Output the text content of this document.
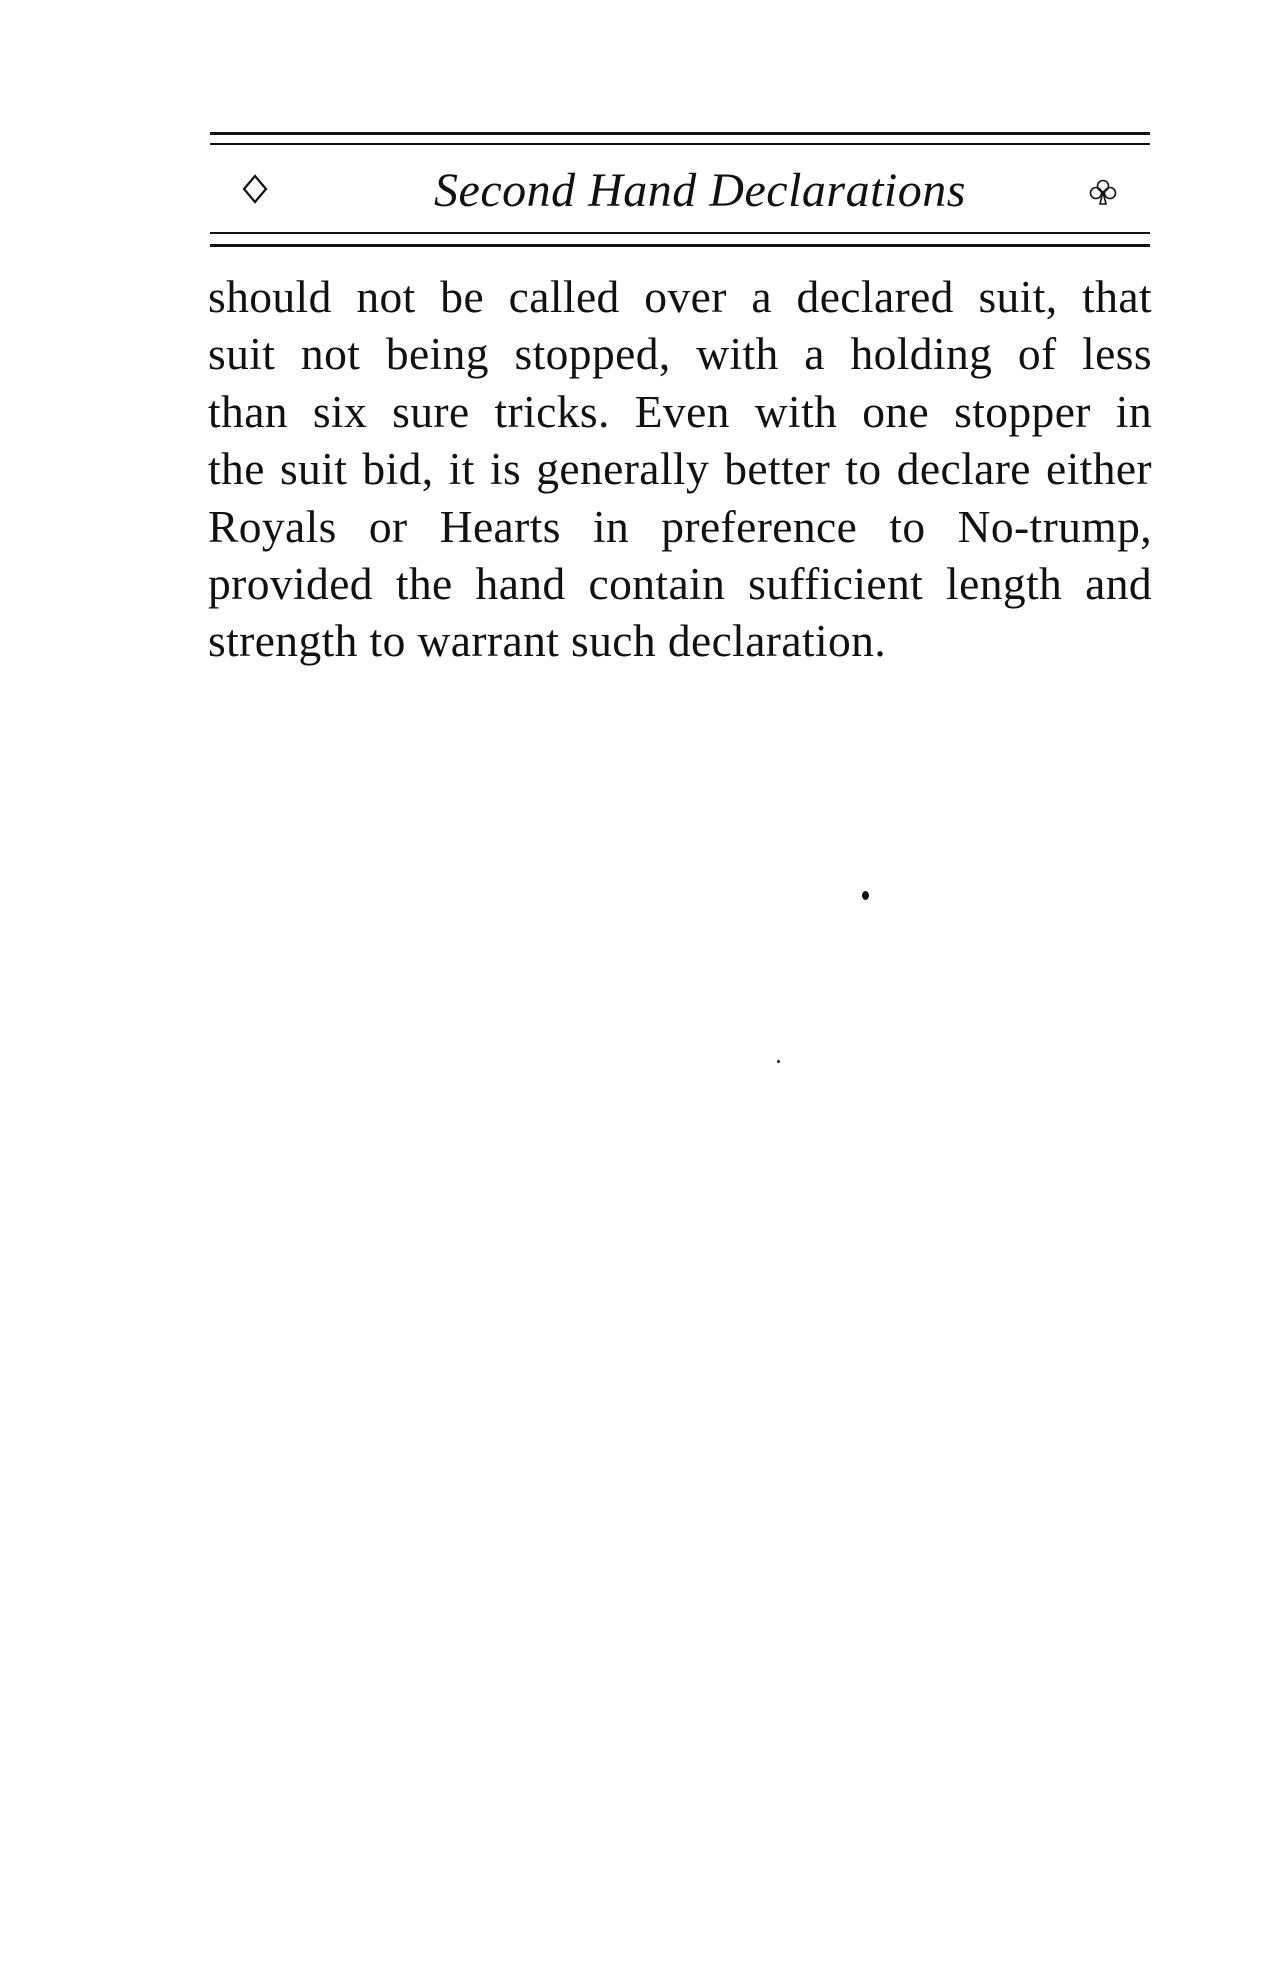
Second Hand Declarations
should not be called over a declared suit, that
suit not being stopped, with a holding of less
than six sure tricks. Even with one stopper in
the suit bid, it is generally better to declare either
Royals or Hearts in preference to No-trump,
provided the hand contain sufficient length and
strength to warrant such declaration.
